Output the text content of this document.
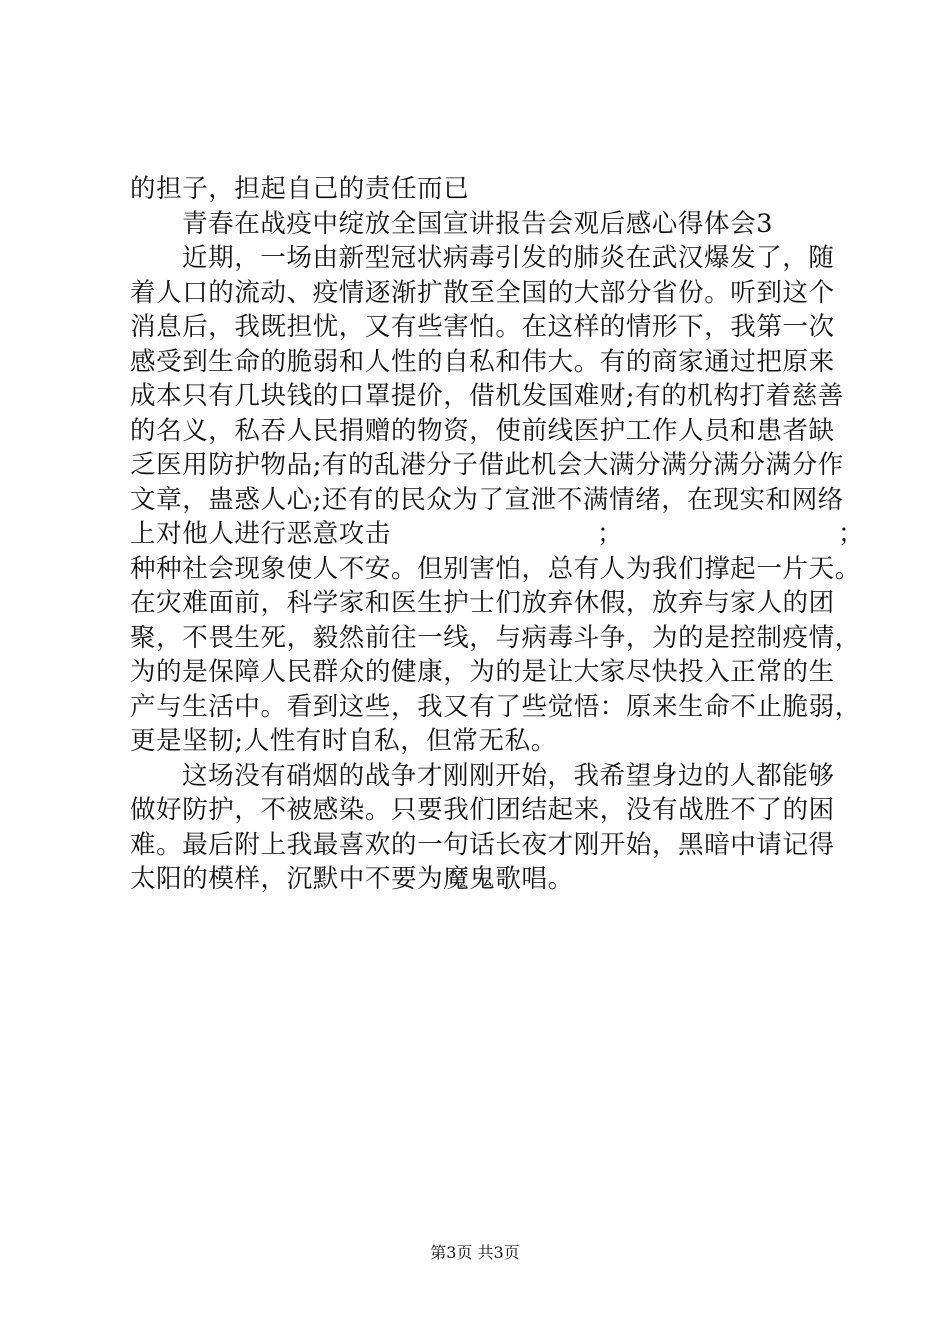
的担子，担起自己的责任而已
青春在战疫中绽放全国宣讲报告会观后感心得体会3
近期，一场由新型冠状病毒引发的肺炎在武汉爆发了，随
着人口的流动、疫情逐渐扩散至全国的大部分省份。听到这个
消息后，我既担忧，又有些害怕。在这样的情形下，我第一次
感受到生命的脆弱和人性的自私和伟大。有的商家通过把原来
成本只有几块钱的口罩提价，借机发国难财;有的机构打着慈善
的名义，私吞人民捐赠的物资，使前线医护工作人员和患者缺
乏医用防护物品;有的乱港分子借此机会大满分满分满分满分作
文章，蛊惑人心;还有的民众为了宣泄不满情绪，在现实和网络
上对他人进行恶意攻击	；	；
种种社会现象使人不安。但别害怕，总有人为我们撑起一片天。
在灾难面前，科学家和医生护士们放弃休假，放弃与家人的团
聚，不畏生死，毅然前往一线，与病毒斗争，为的是控制疫情，
为的是保障人民群众的健康，为的是让大家尽快投入正常的生
产与生活中。看到这些，我又有了些觉悟：原来生命不止脆弱，
更是坚韧;人性有时自私，但常无私。
这场没有硝烟的战争才刚刚开始，我希望身边的人都能够
做好防护，不被感染。只要我们团结起来，没有战胜不了的困
难。最后附上我最喜欢的一句话长夜才刚开始，黑暗中请记得
太阳的模样，沉默中不要为魔鬼歌唱。
第3页 共3页
